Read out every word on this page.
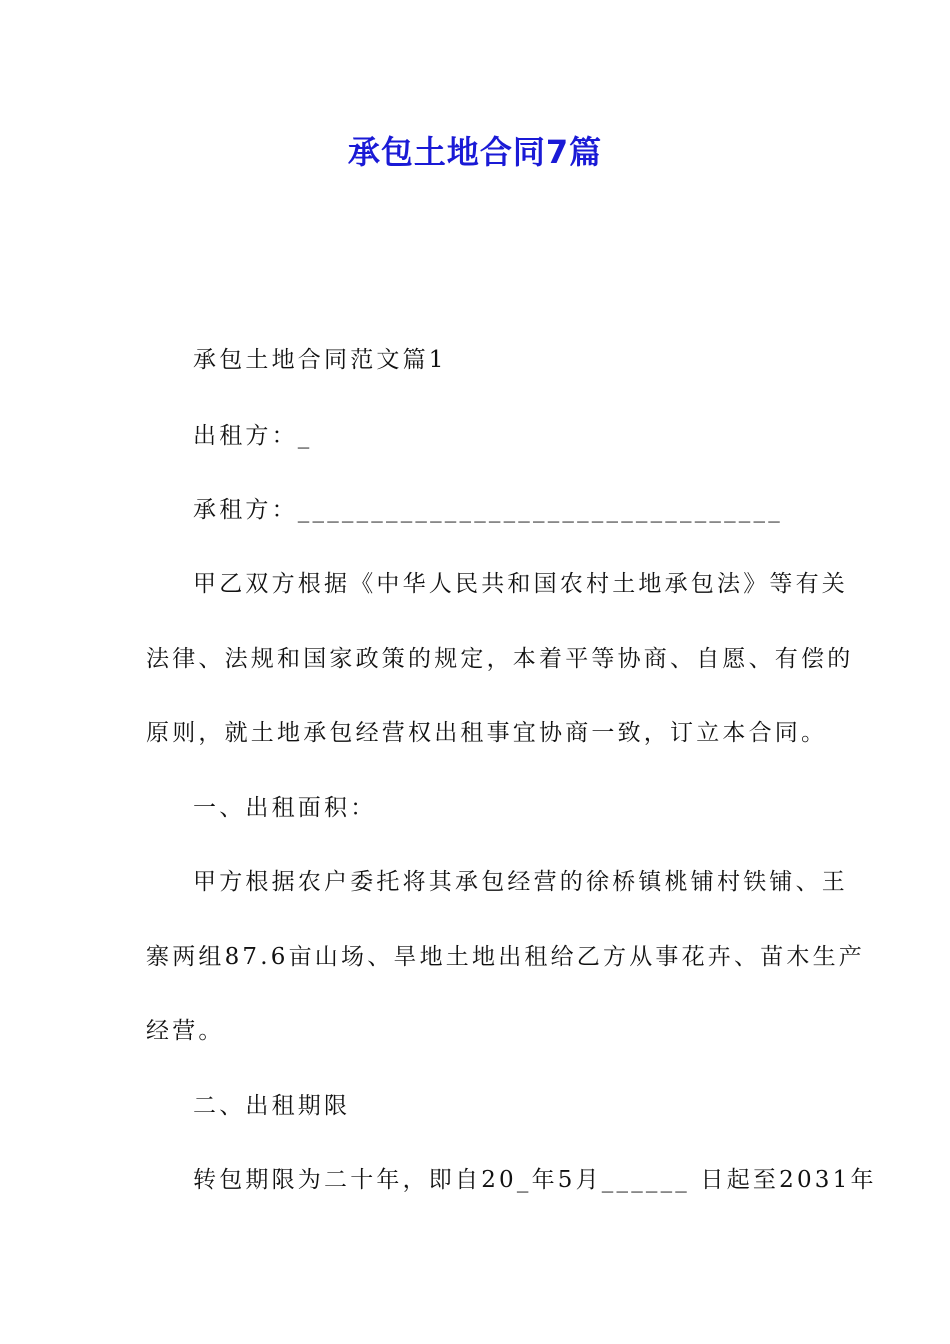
承包土地合同7篇
承包土地合同范文篇1
出租方：_
承租方：_________________________________
甲乙双方根据《中华人民共和国农村土地承包法》等有关
法律、法规和国家政策的规定，本着平等协商、自愿、有偿的
原则，就土地承包经营权出租事宜协商一致，订立本合同。
一、出租面积：
甲方根据农户委托将其承包经营的徐桥镇桃铺村铁铺、王
寨两组87.6亩山场、旱地土地出租给乙方从事花卉、苗木生产
经营。
二、出租期限
转包期限为二十年，即自20_年5月______ 日起至2031年
